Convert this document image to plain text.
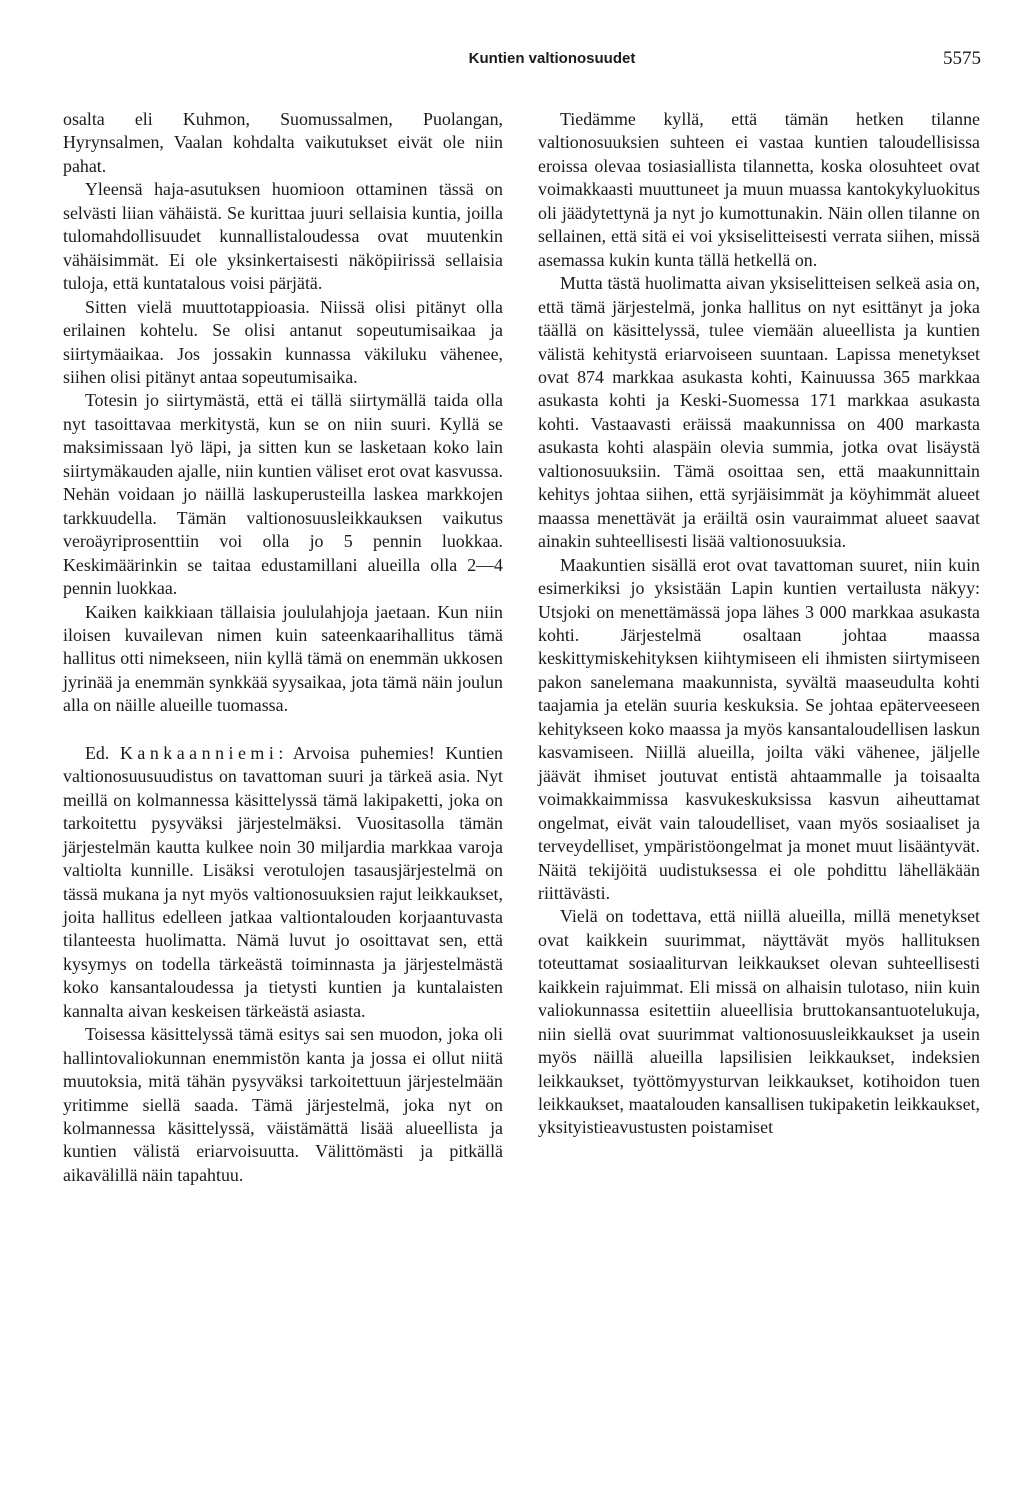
Kuntien valtionosuudet	5575

osalta eli Kuhmon, Suomussalmen, Puolangan, Hyrynsalmen, Vaalan kohdalta vaikutukset eivät ole niin pahat.

Yleensä haja-asutuksen huomioon ottaminen tässä on selvästi liian vähäistä. Se kurittaa juuri sellaisia kuntia, joilla tulomahdollisuudet kunnallistaloudessa ovat muutenkin vähäisimmät. Ei ole yksinkertaisesti näköpiirissä sellaisia tuloja, että kuntatalous voisi pärjätä.

Sitten vielä muuttotappioasia. Niissä olisi pitänyt olla erilainen kohtelu. Se olisi antanut sopeutumisaikaa ja siirtymäaikaa. Jos jossakin kunnassa väkiluku vähenee, siihen olisi pitänyt antaa sopeutumisaika.

Totesin jo siirtymästä, että ei tällä siirtymällä taida olla nyt tasoittavaa merkitystä, kun se on niin suuri. Kyllä se maksimissaan lyö läpi, ja sitten kun se lasketaan koko lain siirtymäkauden ajalle, niin kuntien väliset erot ovat kasvussa. Nehän voidaan jo näillä laskuperusteilla laskea markkojen tarkkuudella. Tämän valtionosuusleikkauksen vaikutus veroäyriprosenttiin voi olla jo 5 pennin luokkaa. Keskimäärinkin se taitaa edustamillani alueilla olla 2—4 pennin luokkaa.

Kaiken kaikkiaan tällaisia joululahjoja jaetaan. Kun niin iloisen kuvailevan nimen kuin sateenkaarihallitus tämä hallitus otti nimekseen, niin kyllä tämä on enemmän ukkosen jyrinää ja enemmän synkkää syysaikaa, jota tämä näin joulun alla on näille alueille tuomassa.

Ed. Kankaanniemi: Arvoisa puhemies! Kuntien valtionosuusuudistus on tavattoman suuri ja tärkeä asia. Nyt meillä on kolmannessa käsittelyssä tämä lakipaketti, joka on tarkoitettu pysyväksi järjestelmäksi. Vuositasolla tämän järjestelmän kautta kulkee noin 30 miljardia markkaa varoja valtiolta kunnille. Lisäksi verotulojen tasausjärjestelmä on tässä mukana ja nyt myös valtionosuuksien rajut leikkaukset, joita hallitus edelleen jatkaa valtiontalouden korjaantuvasta tilanteesta huolimatta. Nämä luvut jo osoittavat sen, että kysymys on todella tärkeästä toiminnasta ja järjestelmästä koko kansantaloudessa ja tietysti kuntien ja kuntalaisten kannalta aivan keskeisen tärkeästä asiasta.

Toisessa käsittelyssä tämä esitys sai sen muodon, joka oli hallintovaliokunnan enemmistön kanta ja jossa ei ollut niitä muutoksia, mitä tähän pysyväksi tarkoitettuun järjestelmään yritimme siellä saada. Tämä järjestelmä, joka nyt on kolmannessa käsittelyssä, väistämättä lisää alueellista ja kuntien välistä eriarvoisuutta. Välittömästi ja pitkällä aikavälillä näin tapahtuu.

Tiedämme kyllä, että tämän hetken tilanne valtionosuuksien suhteen ei vastaa kuntien taloudellisissa eroissa olevaa tosiasiallista tilannetta, koska olosuhteet ovat voimakkaasti muuttuneet ja muun muassa kantokykyluokitus oli jäädytettynä ja nyt jo kumottunakin. Näin ollen tilanne on sellainen, että sitä ei voi yksiselitteisesti verrata siihen, missä asemassa kukin kunta tällä hetkellä on.

Mutta tästä huolimatta aivan yksiselitteisen selkeä asia on, että tämä järjestelmä, jonka hallitus on nyt esittänyt ja joka täällä on käsittelyssä, tulee viemään alueellista ja kuntien välistä kehitystä eriarvoiseen suuntaan. Lapissa menetykset ovat 874 markkaa asukasta kohti, Kainuussa 365 markkaa asukasta kohti ja Keski-Suomessa 171 markkaa asukasta kohti. Vastaavasti eräissä maakunnissa on 400 markasta asukasta kohti alaspäin olevia summia, jotka ovat lisäystä valtionosuuksiin. Tämä osoittaa sen, että maakunnittain kehitys johtaa siihen, että syrjäisimmät ja köyhimmät alueet maassa menettävät ja eräiltä osin vauraimmat alueet saavat ainakin suhteellisesti lisää valtionosuuksia.

Maakuntien sisällä erot ovat tavattoman suuret, niin kuin esimerkiksi jo yksistään Lapin kuntien vertailusta näkyy: Utsjoki on menettämässä jopa lähes 3 000 markkaa asukasta kohti. Järjestelmä osaltaan johtaa maassa keskittymiskehityksen kiihtymiseen eli ihmisten siirtymiseen pakon sanelemana maakunnista, syvältä maaseudulta kohti taajamia ja etelän suuria keskuksia. Se johtaa epäterveeseen kehitykseen koko maassa ja myös kansantaloudellisen laskun kasvamiseen. Niillä alueilla, joilta väki vähenee, jäljelle jäävät ihmiset joutuvat entistä ahtaammalle ja toisaalta voimakkaimmissa kasvukeskuksissa kasvun aiheuttamat ongelmat, eivät vain taloudelliset, vaan myös sosiaaliset ja terveydelliset, ympäristöongelmat ja monet muut lisääntyvät. Näitä tekijöitä uudistuksessa ei ole pohdittu lähelläkään riittävästi.

Vielä on todettava, että niillä alueilla, millä menetykset ovat kaikkein suurimmat, näyttävät myös hallituksen toteuttamat sosiaaliturvan leikkaukset olevan suhteellisesti kaikkein rajuimmat. Eli missä on alhaisin tulotaso, niin kuin valiokunnassa esitettiin alueellisia bruttokansantuotelukuja, niin siellä ovat suurimmat valtionosuusleikkaukset ja usein myös näillä alueilla lapsilisien leikkaukset, indeksien leikkaukset, työttömyysturvan leikkaukset, kotihoidon tuen leikkaukset, maatalouden kansallisen tukipaketin leikkaukset, yksityistieavustusten poistamiset
